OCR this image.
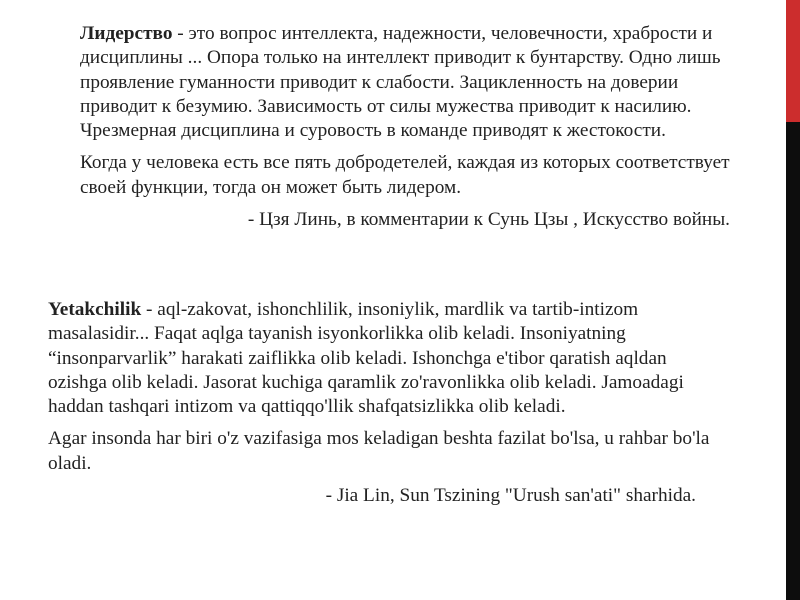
Лидерство - это вопрос интеллекта, надежности, человечности, храбрости и дисциплины ... Опора только на интеллект приводит к бунтарству. Одно лишь проявление гуманности приводит к слабости. Зацикленность на доверии приводит к безумию. Зависимость от силы мужества приводит к насилию. Чрезмерная дисциплина и суровость в команде приводят к жестокости.

Когда у человека есть все пять добродетелей, каждая из которых соответствует своей функции, тогда он может быть лидером.

- Цзя Линь, в комментарии к Сунь Цзы , Искусство войны.

Yetakchilik - aql-zakovat, ishonchlilik, insoniylik, mardlik va tartib-intizom masalasidir... Faqat aqlga tayanish isyonkorlikka olib keladi. Insoniyatning “insonparvarlik” harakati zaiflikka olib keladi. Ishonchga e'tibor qaratish aqldan ozishga olib keladi. Jasorat kuchiga qaramlik zo'ravonlikka olib keladi. Jamoadagi haddan tashqari intizom va qattiqqo'llik shafqatsizlikka olib keladi.

Agar insonda har biri o'z vazifasiga mos keladigan beshta fazilat bo'lsa, u rahbar bo'la oladi.

- Jia Lin, Sun Tszining "Urush san'ati" sharhida.
